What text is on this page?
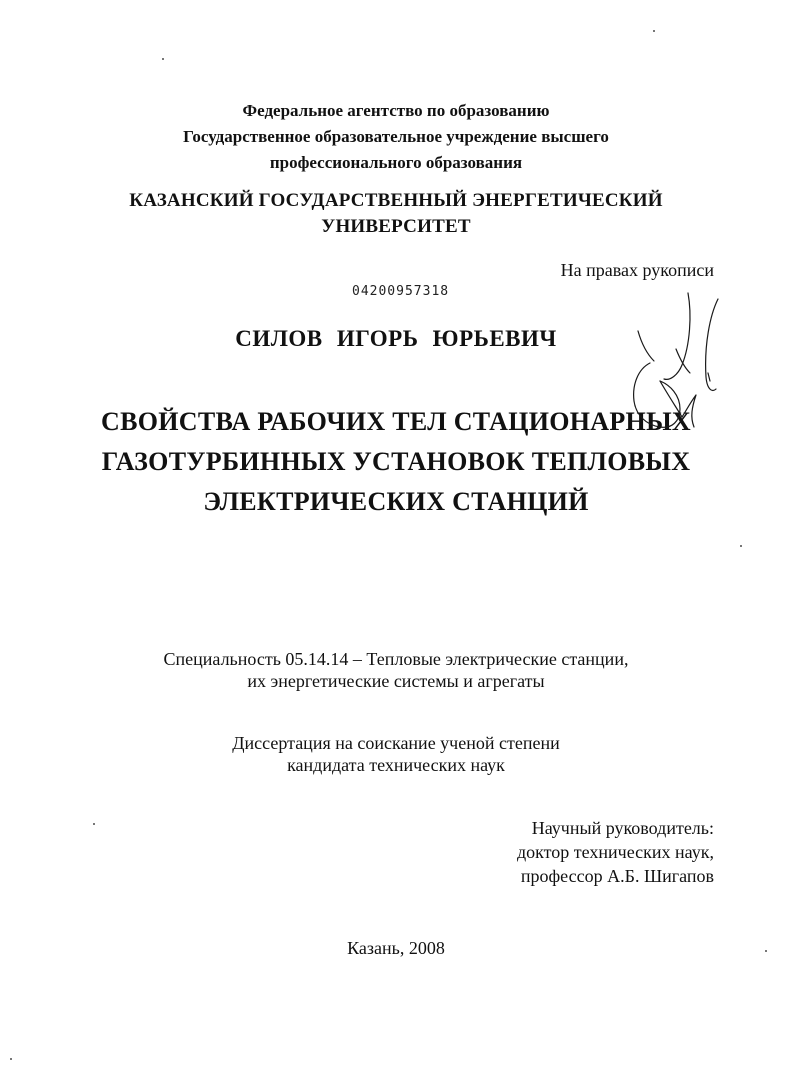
Федеральное агентство по образованию
Государственное образовательное учреждение высшего
профессионального образования
КАЗАНСКИЙ ГОСУДАРСТВЕННЫЙ ЭНЕРГЕТИЧЕСКИЙ
УНИВЕРСИТЕТ
На правах рукописи
04200957318
СИЛОВ ИГОРЬ ЮРЬЕВИЧ
СВОЙСТВА РАБОЧИХ ТЕЛ СТАЦИОНАРНЫХ
ГАЗОТУРБИННЫХ УСТАНОВОК ТЕПЛОВЫХ
ЭЛЕКТРИЧЕСКИХ СТАНЦИЙ
Специальность 05.14.14 – Тепловые электрические станции,
их энергетические системы и агрегаты
Диссертация на соискание ученой степени
кандидата технических наук
Научный руководитель:
доктор технических наук,
профессор А.Б. Шигапов
Казань, 2008
